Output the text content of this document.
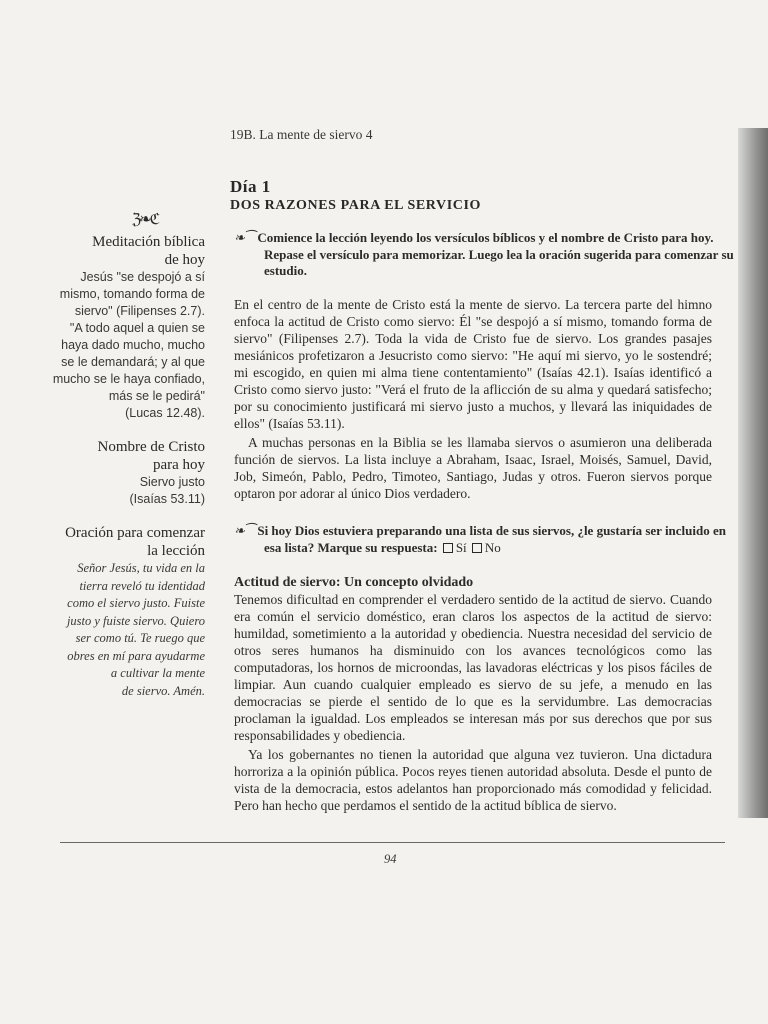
19B. La mente de siervo 4
Día 1
DOS RAZONES PARA EL SERVICIO
ℨ❧ℭ
Meditación bíblica
de hoy
Jesús "se despojó a sí
mismo, tomando forma de
siervo" (Filipenses 2.7).
"A todo aquel a quien se
haya dado mucho, mucho
se le demandará; y al que
mucho se le haya confiado,
más se le pedirá"
(Lucas 12.48).
Nombre de Cristo
para hoy
Siervo justo
(Isaías 53.11)
Oración para comenzar
la lección
Señor Jesús, tu vida en la
tierra reveló tu identidad
como el siervo justo. Fuiste
justo y fuiste siervo. Quiero
ser como tú. Te ruego que
obres en mí para ayudarme
a cultivar la mente
de siervo. Amén.
❧⁀ Comience la lección leyendo los versículos bíblicos y el nombre de Cristo para hoy. Repase el versículo para memorizar. Luego lea la oración sugerida para comenzar su estudio.

En el centro de la mente de Cristo está la mente de siervo. La tercera parte del himno enfoca la actitud de Cristo como siervo: Él "se despojó a sí mismo, tomando forma de siervo" (Filipenses 2.7). Toda la vida de Cristo fue de siervo. Los grandes pasajes mesiánicos profetizaron a Jesucristo como siervo: "He aquí mi siervo, yo le sostendré; mi escogido, en quien mi alma tiene contentamiento" (Isaías 42.1). Isaías identificó a Cristo como siervo justo: "Verá el fruto de la aflicción de su alma y quedará satisfecho; por su conocimiento justificará mi siervo justo a muchos, y llevará las iniquidades de ellos" (Isaías 53.11).

A muchas personas en la Biblia se les llamaba siervos o asumieron una deliberada función de siervos. La lista incluye a Abraham, Isaac, Israel, Moisés, Samuel, David, Job, Simeón, Pablo, Pedro, Timoteo, Santiago, Judas y otros. Fueron siervos porque optaron por adorar al único Dios verdadero.

❧⁀ Si hoy Dios estuviera preparando una lista de sus siervos, ¿le gustaría ser incluido en esa lista? Marque su respuesta: Sí No
Actitud de siervo: Un concepto olvidado

Tenemos dificultad en comprender el verdadero sentido de la actitud de siervo. Cuando era común el servicio doméstico, eran claros los aspectos de la actitud de siervo: humildad, sometimiento a la autoridad y obediencia. Nuestra necesidad del servicio de otros seres humanos ha disminuido con los avances tecnológicos como las computadoras, los hornos de microondas, las lavadoras eléctricas y los pisos fáciles de limpiar. Aun cuando cualquier empleado es siervo de su jefe, a menudo en las democracias se pierde el sentido de lo que es la servidumbre. Las democracias proclaman la igualdad. Los empleados se interesan más por sus derechos que por sus responsabilidades y obediencia.

Ya los gobernantes no tienen la autoridad que alguna vez tuvieron. Una dictadura horroriza a la opinión pública. Pocos reyes tienen autoridad absoluta. Desde el punto de vista de la democracia, estos adelantos han proporcionado más comodidad y felicidad. Pero han hecho que perdamos el sentido de la actitud bíblica de siervo.

94
